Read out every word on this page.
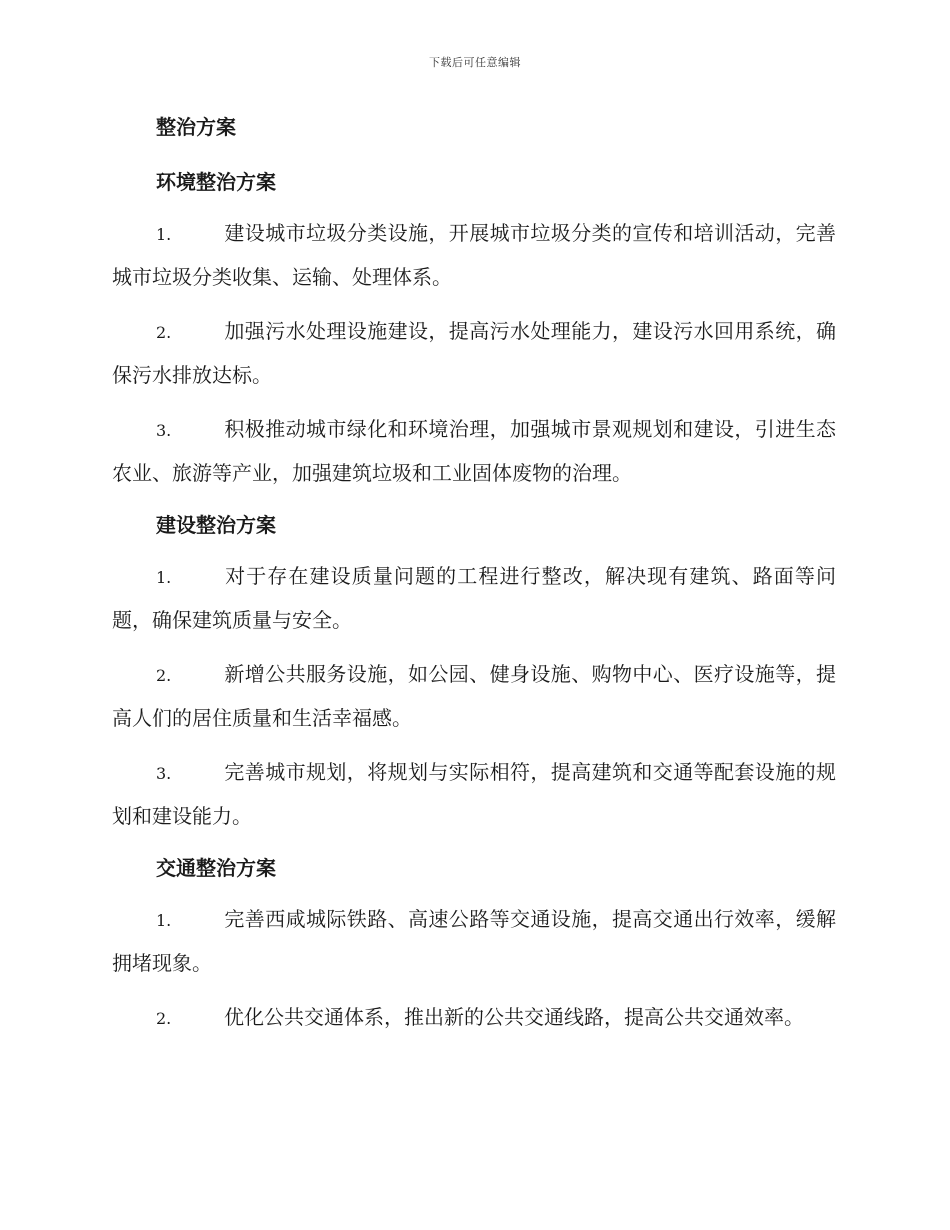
下载后可任意编辑
整治方案
环境整治方案
1.	建设城市垃圾分类设施，开展城市垃圾分类的宣传和培训活动，完善城市垃圾分类收集、运输、处理体系。
2.	加强污水处理设施建设，提高污水处理能力，建设污水回用系统，确保污水排放达标。
3.	积极推动城市绿化和环境治理，加强城市景观规划和建设，引进生态农业、旅游等产业，加强建筑垃圾和工业固体废物的治理。
建设整治方案
1.	对于存在建设质量问题的工程进行整改，解决现有建筑、路面等问题，确保建筑质量与安全。
2.	新增公共服务设施，如公园、健身设施、购物中心、医疗设施等，提高人们的居住质量和生活幸福感。
3.	完善城市规划，将规划与实际相符，提高建筑和交通等配套设施的规划和建设能力。
交通整治方案
1.	完善西咸城际铁路、高速公路等交通设施，提高交通出行效率，缓解拥堵现象。
2.	优化公共交通体系，推出新的公共交通线路，提高公共交通效率。
